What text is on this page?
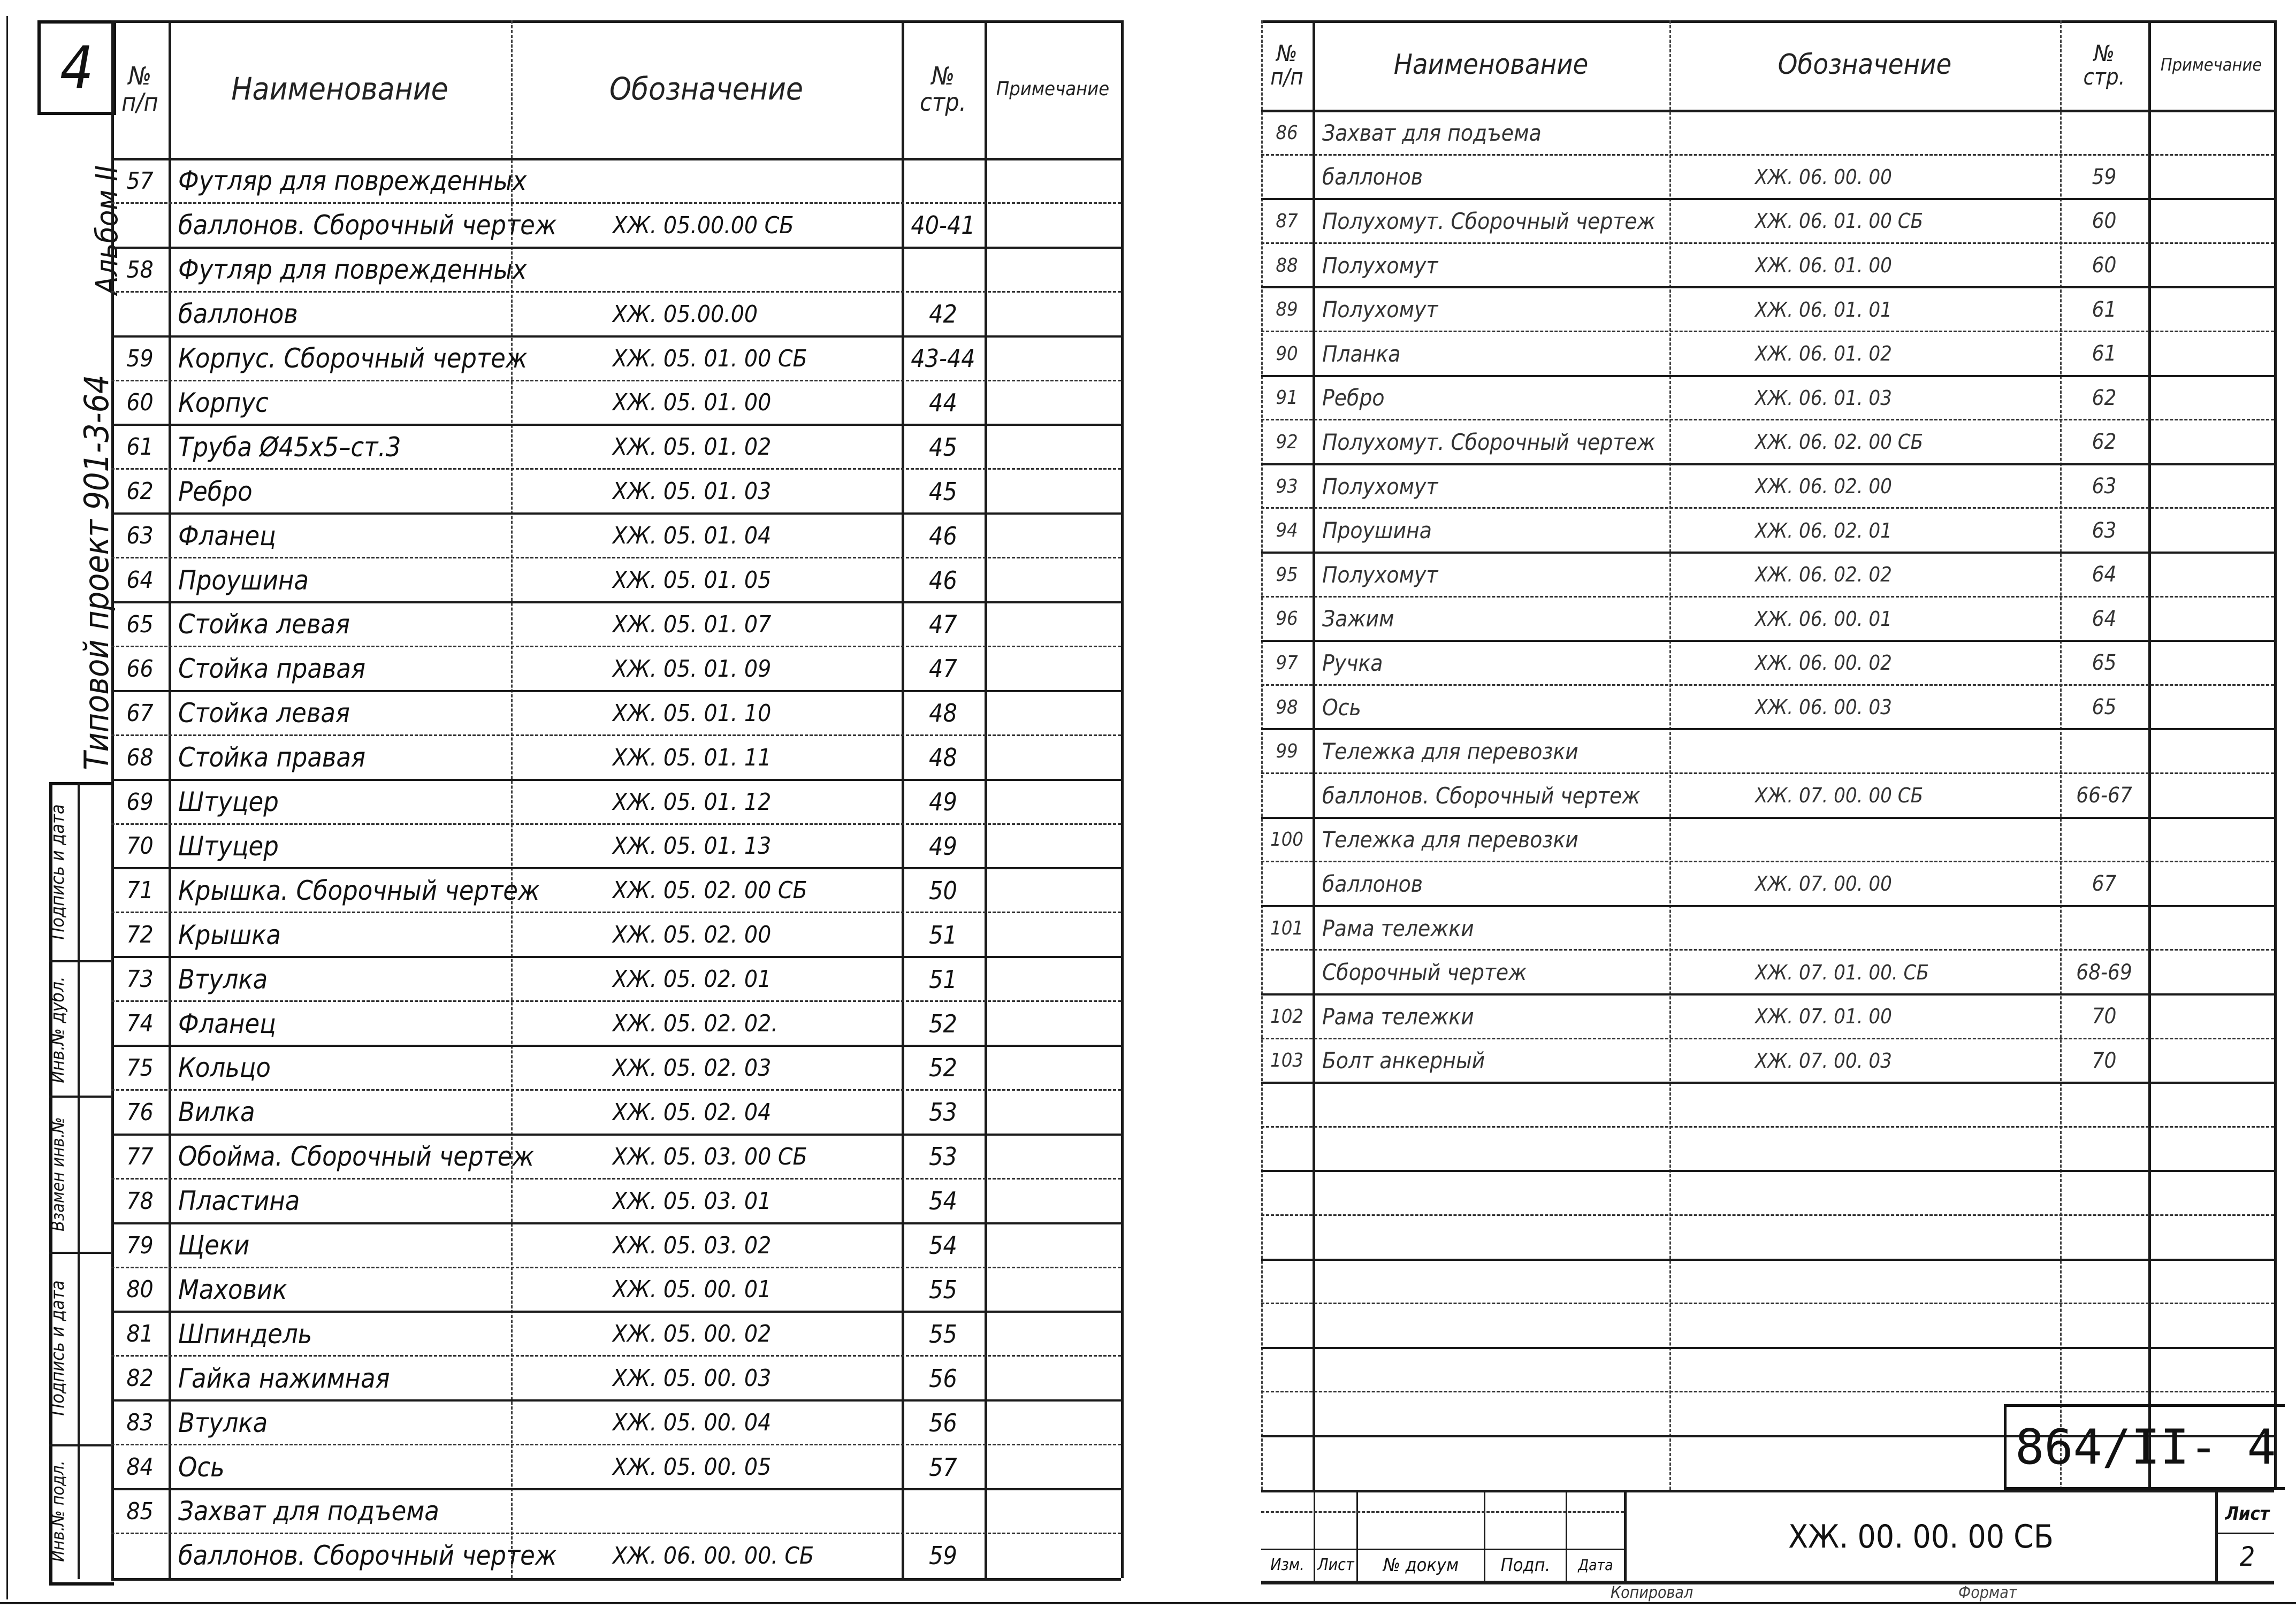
4
Альбом II
Типовой проект 901-3-64
Подпись и дата
Инв.№ дубл.
Взамен инв.№
Подпись и дата
Инв.№ подл.
№
п/п	Наименование	Обозначение	№
стр.	Примечание
57 Футляр для поврежденных
баллонов. Сборочный чертеж	ХЖ. 05.00.00 СБ	40-41
58 Футляр для поврежденных
баллонов	ХЖ. 05.00.00	42
59 Корпус. Сборочный чертеж	ХЖ. 05. 01. 00 СБ	43-44
60 Корпус	ХЖ. 05. 01. 00	44
61 Труба Ø45x5–ст.3	ХЖ. 05. 01. 02	45
62 Ребро	ХЖ. 05. 01. 03	45
63 Фланец	ХЖ. 05. 01. 04	46
64 Проушина	ХЖ. 05. 01. 05	46
65 Стойка левая	ХЖ. 05. 01. 07	47
66 Стойка правая	ХЖ. 05. 01. 09	47
67 Стойка левая	ХЖ. 05. 01. 10	48
68 Стойка правая	ХЖ. 05. 01. 11	48
69 Штуцер	ХЖ. 05. 01. 12	49
70 Штуцер	ХЖ. 05. 01. 13	49
71 Крышка. Сборочный чертеж	ХЖ. 05. 02. 00 СБ	50
72 Крышка	ХЖ. 05. 02. 00	51
73 Втулка	ХЖ. 05. 02. 01	51
74 Фланец	ХЖ. 05. 02. 02.	52
75 Кольцо	ХЖ. 05. 02. 03	52
76 Вилка	ХЖ. 05. 02. 04	53
77 Обойма. Сборочный чертеж	ХЖ. 05. 03. 00 СБ	53
78 Пластина	ХЖ. 05. 03. 01	54
79 Щеки	ХЖ. 05. 03. 02	54
80 Маховик	ХЖ. 05. 00. 01	55
81 Шпиндель	ХЖ. 05. 00. 02	55
82 Гайка нажимная	ХЖ. 05. 00. 03	56
83 Втулка	ХЖ. 05. 00. 04	56
84 Ось	ХЖ. 05. 00. 05	57
85 Захват для подъема
баллонов. Сборочный чертеж	ХЖ. 06. 00. 00. СБ	59
№
п/п	Наименование	Обозначение	№
стр.	Примечание
86	Захват для подъема
баллонов	ХЖ. 06. 00. 00	59
87	Полухомут. Сборочный чертеж	ХЖ. 06. 01. 00 СБ	60
88	Полухомут	ХЖ. 06. 01. 00	60
89	Полухомут	ХЖ. 06. 01. 01	61
90	Планка	ХЖ. 06. 01. 02	61
91	Ребро	ХЖ. 06. 01. 03	62
92	Полухомут. Сборочный чертеж	ХЖ. 06. 02. 00 СБ	62
93	Полухомут	ХЖ. 06. 02. 00	63
94	Проушина	ХЖ. 06. 02. 01	63
95	Полухомут	ХЖ. 06. 02. 02	64
96	Зажим	ХЖ. 06. 00. 01	64
97	Ручка	ХЖ. 06. 00. 02	65
98	Ось	ХЖ. 06. 00. 03	65
99	Тележка для перевозки
баллонов. Сборочный чертеж	ХЖ. 07. 00. 00 СБ	66-67
100 Тележка для перевозки
баллонов	ХЖ. 07. 00. 00	67
101 Рама тележки
Сборочный чертеж	ХЖ. 07. 01. 00. СБ	68-69
102 Рама тележки	ХЖ. 07. 01. 00	70
103 Болт анкерный	ХЖ. 07. 00. 03	70
864/II- 4
Изм. Лист	№ докум	Подп.	Дата
ХЖ. 00. 00. 00 СБ
Лист
2
Копировал	Формат
